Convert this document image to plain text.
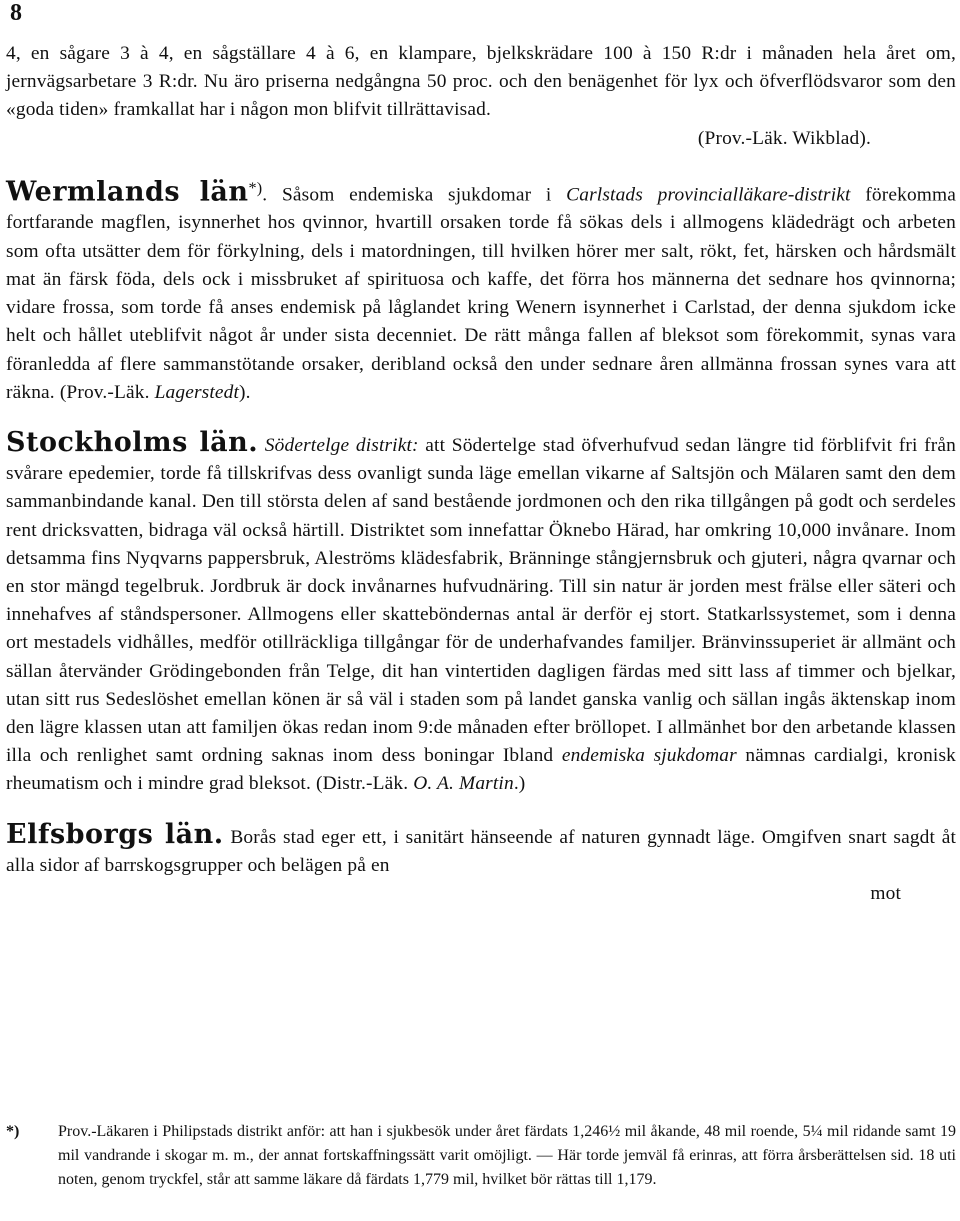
8

4, en sågare 3 à 4, en sågställare 4 à 6, en klampare, bjelkskrädare 100 à 150 R:dr i månaden hela året om, jernvägsarbetare 3 R:dr. Nu äro priserna nedgångna 50 proc. och den benägenhet för lyx och öfverflödsvaror som den «goda tiden» framkallat har i någon mon blifvit tillrättavisad.

(Prov.-Läk. Wikblad).

Wermlands län*). Såsom endemiska sjukdomar i Carlstads provincialläkare-distrikt förekomma fortfarande magflen, isynnerhet hos qvinnor, hvartill orsaken torde få sökas dels i allmogens klädedrägt och arbeten som ofta utsätter dem för förkylning, dels i matordningen, till hvilken hörer mer salt, rökt, fet, härsken och hårdsmält mat än färsk föda, dels ock i missbruket af spirituosa och kaffe, det förra hos männerna det sednare hos qvinnorna; vidare frossa, som torde få anses endemisk på låglandet kring Wenern isynnerhet i Carlstad, der denna sjukdom icke helt och hållet uteblifvit något år under sista decenniet. De rätt många fallen af bleksot som förekommit, synas vara föranledda af flere sammanstötande orsaker, deribland också den under sednare åren allmänna frossan synes vara att räkna. (Prov.-Läk. Lagerstedt).

Stockholms län. Södertelge distrikt: att Södertelge stad öfverhufvud sedan längre tid förblifvit fri från svårare epedemier, torde få tillskrifvas dess ovanligt sunda läge emellan vikarne af Saltsjön och Mälaren samt den dem sammanbindande kanal. Den till största delen af sand bestående jordmonen och den rika tillgången på godt och serdeles rent dricksvatten, bidraga väl också härtill. Distriktet som innefattar Öknebo Härad, har omkring 10,000 invånare. Inom detsamma fins Nyqvarns pappersbruk, Aleströms klädesfabrik, Bränninge stångjernsbruk och gjuteri, några qvarnar och en stor mängd tegelbruk. Jordbruk är dock invånarnes hufvudnäring. Till sin natur är jorden mest frälse eller säteri och innehafves af ståndspersoner. Allmogens eller skatteböndernas antal är derför ej stort. Statkarlssystemet, som i denna ort mestadels vidhålles, medför otillräckliga tillgångar för de underhafvandes familjer. Bränvinssuperiet är allmänt och sällan återvänder Grödingebonden från Telge, dit han vintertiden dagligen färdas med sitt lass af timmer och bjelkar, utan sitt rus Sedeslöshet emellan könen är så väl i staden som på landet ganska vanlig och sällan ingås äktenskap inom den lägre klassen utan att familjen ökas redan inom 9:de månaden efter bröllopet. I allmänhet bor den arbetande klassen illa och renlighet samt ordning saknas inom dess boningar Ibland endemiska sjukdomar nämnas cardialgi, kronisk rheumatism och i mindre grad bleksot. (Distr.-Läk. O. A. Martin.)

Elfsborgs län. Borås stad eger ett, i sanitärt hänseende af naturen gynnadt läge. Omgifven snart sagdt åt alla sidor af barrskogsgrupper och belägen på en

mot

*) Prov.-Läkaren i Philipstads distrikt anför: att han i sjukbesök under året färdats 1,246½ mil åkande, 48 mil roende, 5¼ mil ridande samt 19 mil vandrande i skogar m. m., der annat fortskaffningssätt varit omöjligt. — Här torde jemväl få erinras, att förra årsberättelsen sid. 18 uti noten, genom tryckfel, står att samme läkare då färdats 1,779 mil, hvilket bör rättas till 1,179.
